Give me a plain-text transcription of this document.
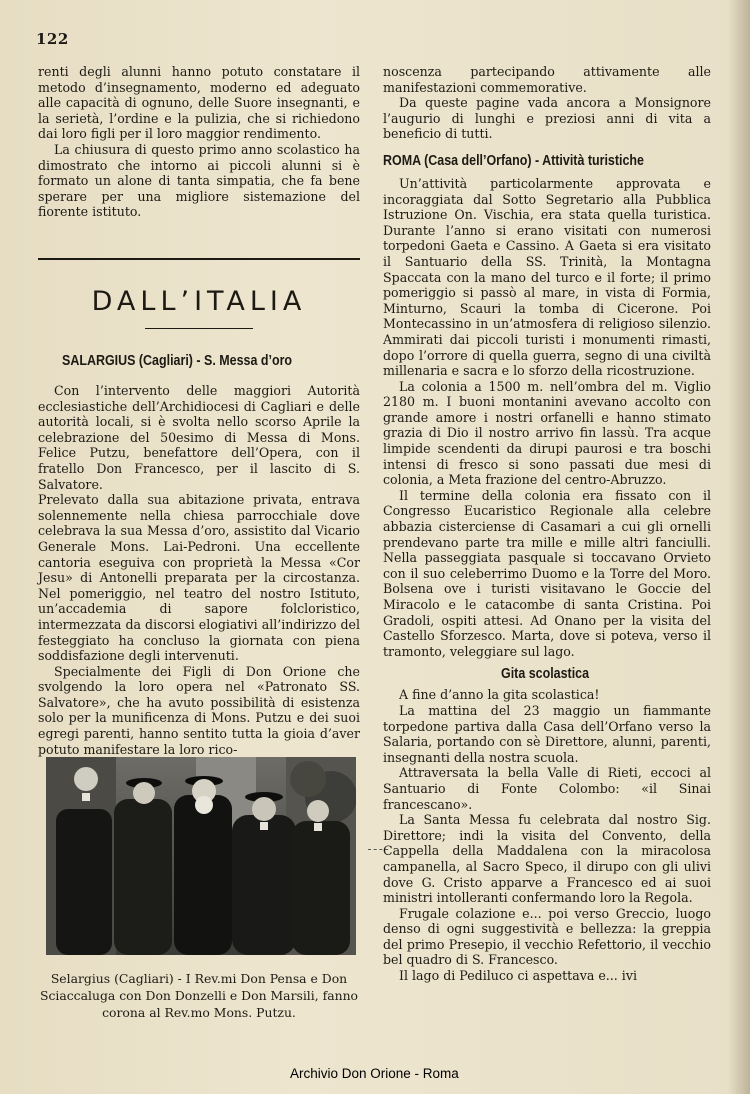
122

renti degli alunni hanno potuto constatare il metodo d’insegnamento, moderno ed adeguato alle capacità di ognuno, delle Suore insegnanti, e la serietà, l’ordine e la pulizia, che si richiedono dai loro figli per il loro maggior rendimento.

La chiusura di questo primo anno scolastico ha dimostrato che intorno ai piccoli alunni si è formato un alone di tanta simpatia, che fa bene sperare per una migliore sistemazione del fiorente istituto.

DALL’ITALIA
SALARGIUS (Cagliari) - S. Messa d’oro

Con l’intervento delle maggiori Autorità ecclesiastiche dell’Archidiocesi di Cagliari e delle autorità locali, si è svolta nello scorso Aprile la celebrazione del 50esimo di Messa di Mons. Felice Putzu, benefattore dell’Opera, con il fratello Don Francesco, per il lascito di S. Salvatore.

Prelevato dalla sua abitazione privata, entrava solennemente nella chiesa parrocchiale dove celebrava la sua Messa d’oro, assistito dal Vicario Generale Mons. Lai-Pedroni. Una eccellente cantoria eseguiva con proprietà la Messa «Cor Jesu» di Antonelli preparata per la circostanza. Nel pomeriggio, nel teatro del nostro Istituto, un’accademia di sapore folcloristico, intermezzata da discorsi elogiativi all’indirizzo del festeggiato ha concluso la giornata con piena soddisfazione degli intervenuti.

Specialmente dei Figli di Don Orione che svolgendo la loro opera nel «Patronato SS. Salvatore», che ha avuto possibilità di esistenza solo per la munificenza di Mons. Putzu e dei suoi egregi parenti, hanno sentito tutta la gioia d’aver potuto manifestare la loro rico-

Selargius (Cagliari) - I Rev.mi Don Pensa e Don Sciaccaluga con Don Donzelli e Don Marsili, fanno corona al Rev.mo Mons. Putzu.

noscenza partecipando attivamente alle manifestazioni commemorative.

Da queste pagine vada ancora a Monsignore l’augurio di lunghi e preziosi anni di vita a beneficio di tutti.

ROMA (Casa dell’Orfano) - Attività turistiche

Un’attività particolarmente approvata e incoraggiata dal Sotto Segretario alla Pubblica Istruzione On. Vischia, era stata quella turistica. Durante l’anno si erano visitati con numerosi torpedoni Gaeta e Cassino. A Gaeta si era visitato il Santuario della SS. Trinità, la Montagna Spaccata con la mano del turco e il forte; il primo pomeriggio si passò al mare, in vista di Formia, Minturno, Scauri la tomba di Cicerone. Poi Montecassino in un’atmosfera di religioso silenzio. Ammirati dai piccoli turisti i monumenti rimasti, dopo l’orrore di quella guerra, segno di una civiltà millenaria e sacra e lo sforzo della ricostruzione.

La colonia a 1500 m. nell’ombra del m. Viglio 2180 m. I buoni montanini avevano accolto con grande amore i nostri orfanelli e hanno stimato grazia di Dio il nostro arrivo fin lassù. Tra acque limpide scendenti da dirupi paurosi e tra boschi intensi di fresco si sono passati due mesi di colonia, a Meta frazione del centro-Abruzzo.

Il termine della colonia era fissato con il Congresso Eucaristico Regionale alla celebre abbazia cisterciense di Casamari a cui gli ornelli prendevano parte tra mille e mille altri fanciulli. Nella passeggiata pasquale si toccavano Orvieto con il suo celeberrimo Duomo e la Torre del Moro. Bolsena ove i turisti visitavano le Goccie del Miracolo e le catacombe di santa Cristina. Poi Gradoli, ospiti attesi. Ad Onano per la visita del Castello Sforzesco. Marta, dove si poteva, verso il tramonto, veleggiare sul lago.

Gita scolastica

A fine d’anno la gita scolastica!

La mattina del 23 maggio un fiammante torpedone partiva dalla Casa dell’Orfano verso la Salaria, portando con sè Direttore, alunni, parenti, insegnanti della nostra scuola.

Attraversata la bella Valle di Rieti, eccoci al Santuario di Fonte Colombo: «il Sinai francescano».

La Santa Messa fu celebrata dal nostro Sig. Direttore; indi la visita del Convento, della Cappella della Maddalena con la miracolosa campanella, al Sacro Speco, il dirupo con gli ulivi dove G. Cristo apparve a Francesco ed ai suoi ministri intolleranti confermando loro la Regola.

Frugale colazione e... poi verso Greccio, luogo denso di ogni suggestività e bellezza: la greppia del primo Presepio, il vecchio Refettorio, il vecchio bel quadro di S. Francesco.

Il lago di Pediluco ci aspettava e... ivi

Archivio Don Orione - Roma
